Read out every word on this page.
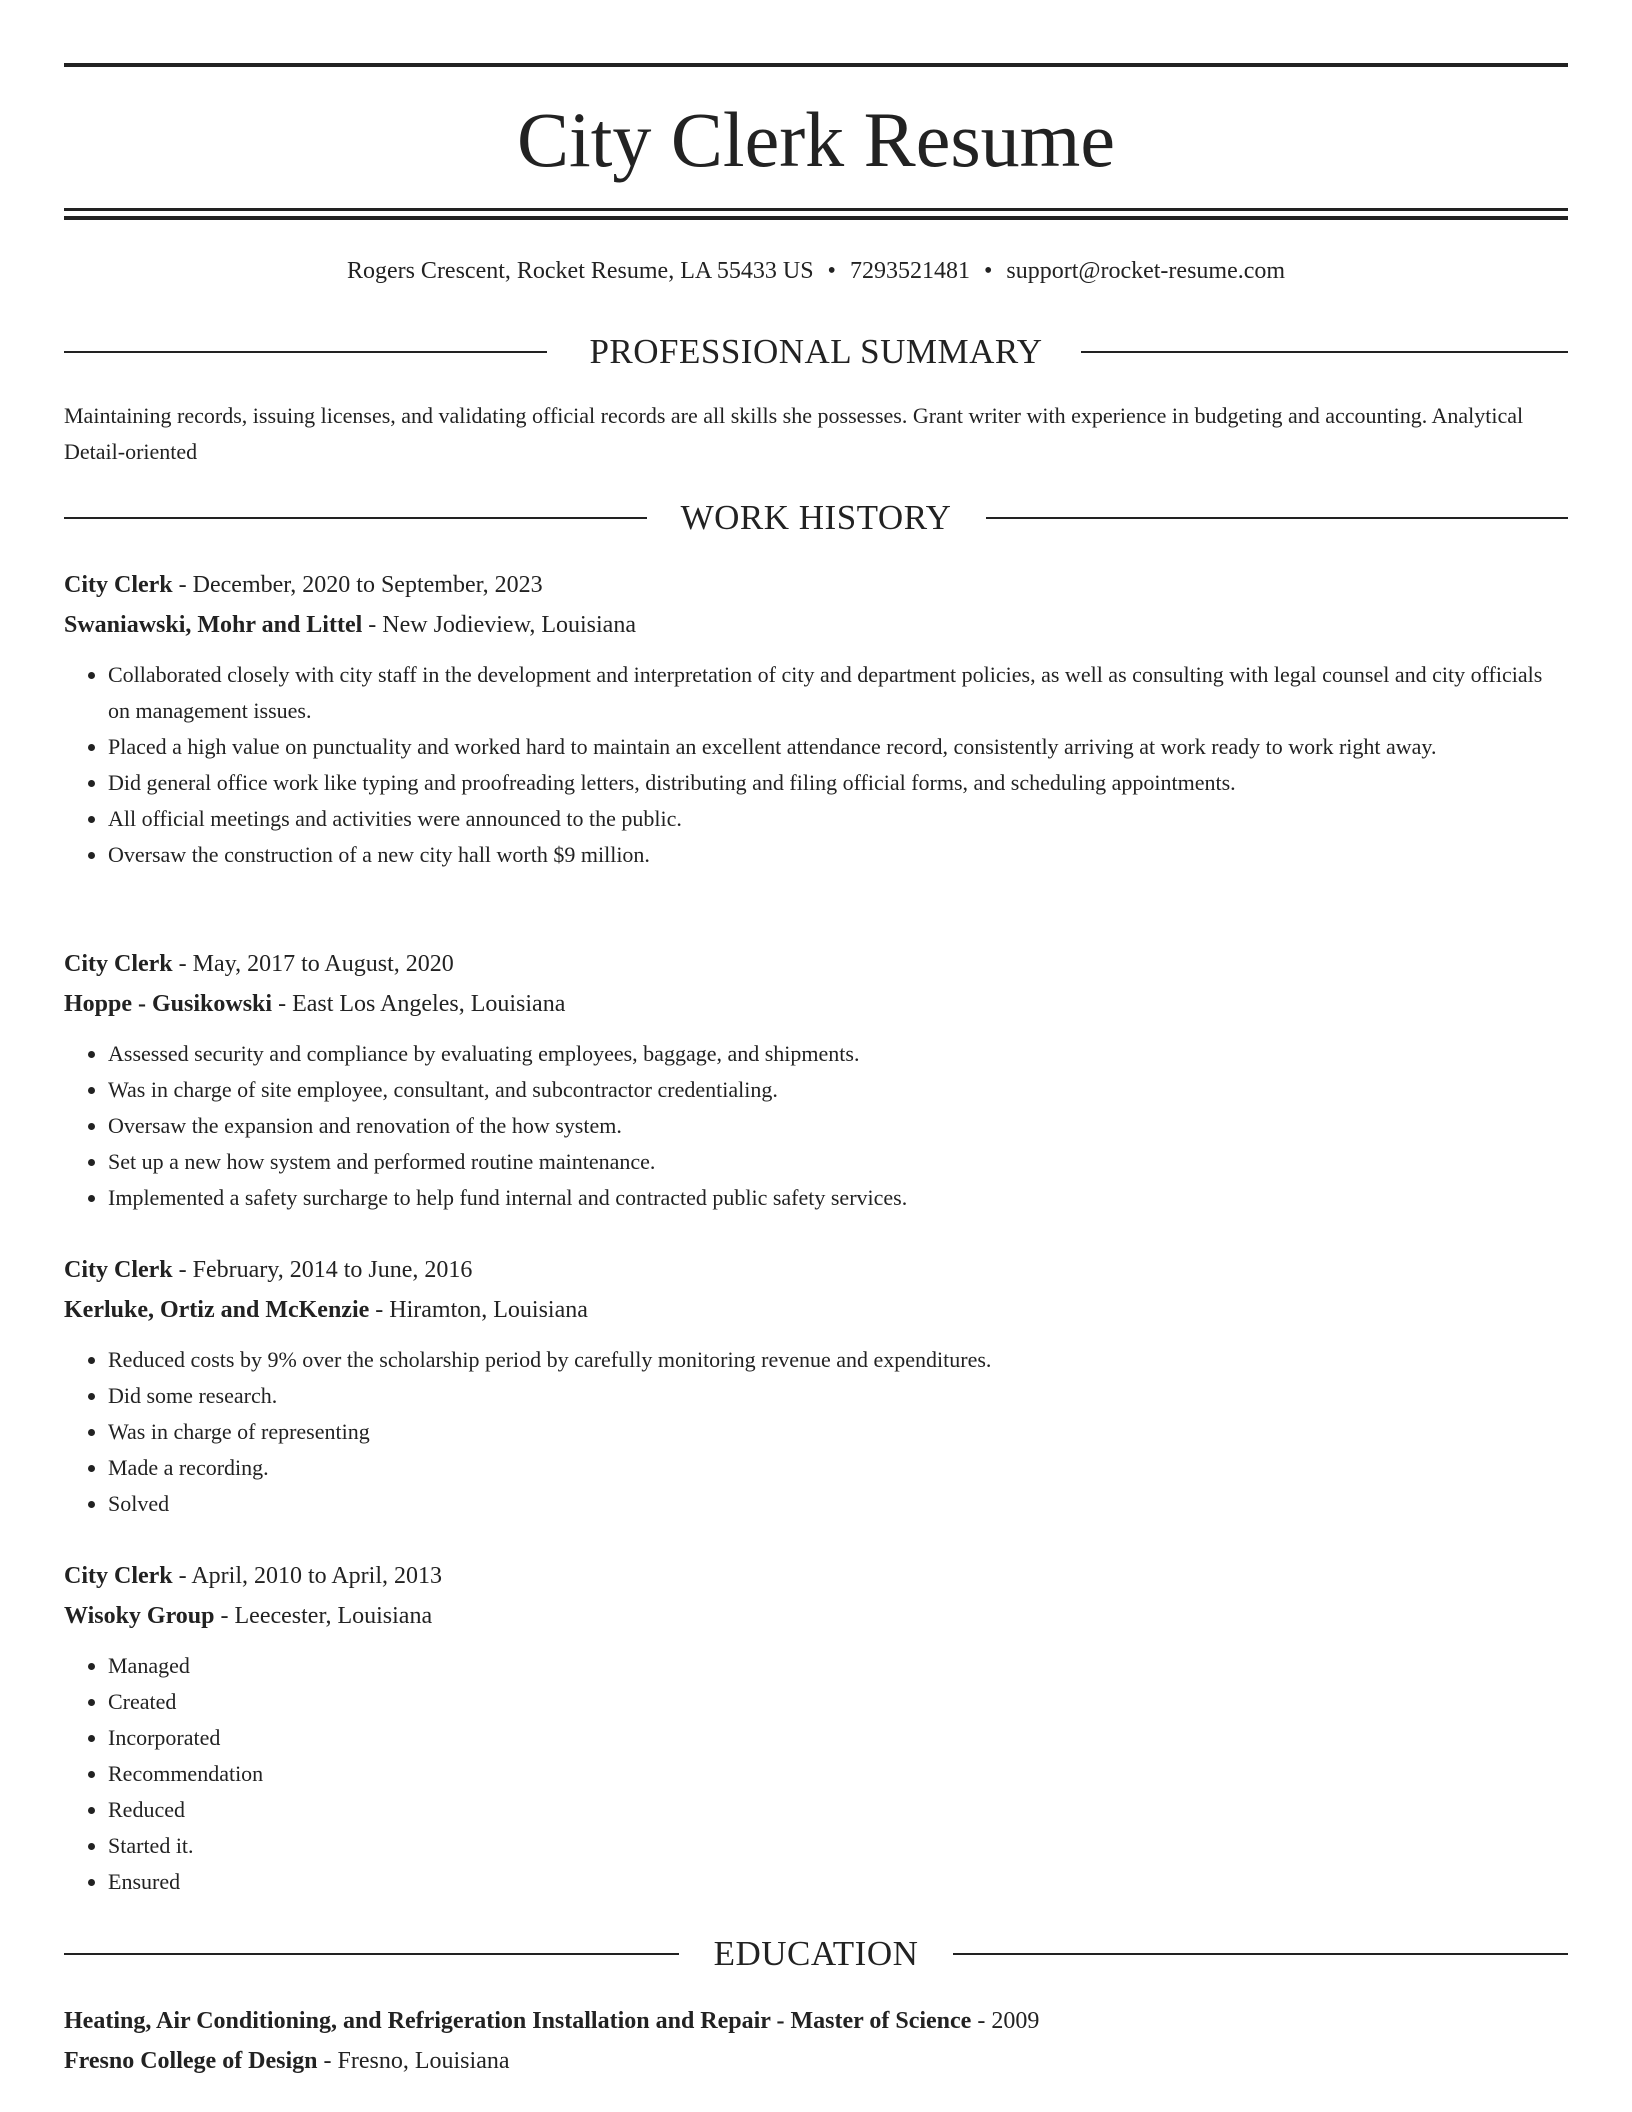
City Clerk Resume
Rogers Crescent, Rocket Resume, LA 55433 US • 7293521481 • support@rocket-resume.com
PROFESSIONAL SUMMARY

Maintaining records, issuing licenses, and validating official records are all skills she possesses. Grant writer with experience in budgeting and accounting. Analytical Detail-oriented

WORK HISTORY
City Clerk - December, 2020 to September, 2023
Swaniawski, Mohr and Littel - New Jodieview, Louisiana
• Collaborated closely with city staff in the development and interpretation of city and department policies, as well as consulting with legal counsel and city officials on management issues.
• Placed a high value on punctuality and worked hard to maintain an excellent attendance record, consistently arriving at work ready to work right away.
• Did general office work like typing and proofreading letters, distributing and filing official forms, and scheduling appointments.
• All official meetings and activities were announced to the public.
• Oversaw the construction of a new city hall worth $9 million.
City Clerk - May, 2017 to August, 2020
Hoppe - Gusikowski - East Los Angeles, Louisiana
• Assessed security and compliance by evaluating employees, baggage, and shipments.
• Was in charge of site employee, consultant, and subcontractor credentialing.
• Oversaw the expansion and renovation of the how system.
• Set up a new how system and performed routine maintenance.
• Implemented a safety surcharge to help fund internal and contracted public safety services.
City Clerk - February, 2014 to June, 2016
Kerluke, Ortiz and McKenzie - Hiramton, Louisiana
• Reduced costs by 9% over the scholarship period by carefully monitoring revenue and expenditures.
• Did some research.
• Was in charge of representing
• Made a recording.
• Solved
City Clerk - April, 2010 to April, 2013
Wisoky Group - Leecester, Louisiana
• Managed
• Created
• Incorporated
• Recommendation
• Reduced
• Started it.
• Ensured
EDUCATION
Heating, Air Conditioning, and Refrigeration Installation and Repair - Master of Science - 2009
Fresno College of Design - Fresno, Louisiana
